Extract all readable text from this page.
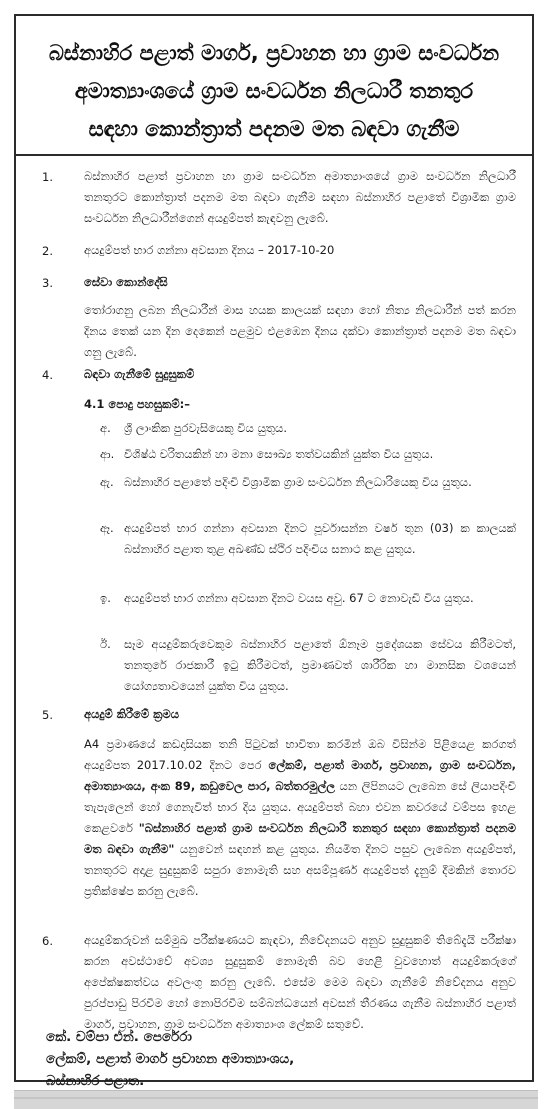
බස්නාහිර පළාත් මාර්ග, ප්‍රවාහන හා ග්‍රාම සංවර්ධන
අමාත්‍යාංශයේ ග්‍රාම සංවර්ධන නිලධාරී තනතුර
සඳහා කොන්ත්‍රාත් පදනම මත බඳවා ගැනීම
1.	බස්නාහිර පළාත් ප්‍රවාහන හා ග්‍රාම සංවර්ධන අමාත්‍යාංශයේ ග්‍රාම සංවර්ධන නිලධාරී තනතුරට කොන්ත්‍රාත් පදනම මත බඳවා ගැනීම සඳහා බස්නාහිර පළාතේ විශ්‍රාමික ග්‍රාම සංවර්ධන නිලධාරීන්ගෙන් අයදුම්පත් කැඳවනු ලැබේ.
2.	අයදුම්පත් භාර ගන්නා අවසාන දිනය – 2017-10-20
3.	සේවා කොන්දේසි
තෝරාගනු ලබන නිලධාරීන් මාස හයක කාලයක් සඳහා හෝ නිත්‍ය නිලධාරීන් පත් කරන දිනය තෙක් යන දින දෙකෙන් පළමුව එළඹෙන දිනය දක්වා කොන්ත්‍රාත් පදනම මත බඳවා ගනු ලැබේ.
4.	බඳවා ගැනීමේ සුදුසුකම්
4.1 පොදු පහසුකම්:–
අ. ශ්‍රී ලාංකික පුරවැසියෙකු විය යුතුය.
ආ. විශිෂ්ඨ චරිතයකින් හා මනා සෞඛ්‍ය තත්වයකින් යුක්ත විය යුතුය.
ඇ. බස්නාහිර පළාතේ පදිංචි විශ්‍රාමික ග්‍රාම සංවර්ධන නිලධාරියෙකු විය යුතුය.
ඈ. අයදුම්පත් භාර ගන්නා අවසාන දිනට පූර්වාසන්න වර්ෂ තුන (03) ක කාලයක් බස්නාහිර පළාත තුළ අඛණ්ඩ ස්ථිර පදිංචිය සනාථ කළ යුතුය.
ඉ. අයදුම්පත් භාර ගන්නා අවසාන දිනට වයස අවු. 67 ට නොවැඩි විය යුතුය.
ඊ. සෑම අයදුම්කරුවෙකුම බස්නාහිර පළාතේ ඕනෑම ප්‍රදේශයක සේවය කිරීමටත්, තනතුරේ රාජකාරී ඉටු කිරීමටත්, ප්‍රමාණවත් ශාරීරික හා මානසික වශයෙන් යෝග්‍යතාවයෙන් යුක්ත විය යුතුය.
5.	අයදුම් කිරීමේ ක්‍රමය
A4 ප්‍රමාණයේ කඩදාසියක තනි පිටුවක් භාවිතා කරමින් ඔබ විසින්ම පිළියෙළ කරගත් අයදුම්පත 2017.10.02 දිනට පෙර ලේකම්, පළාත් මාර්ග, ප්‍රවාහන, ග්‍රාම සංවර්ධන, අමාත්‍යාංශය, අංක 89, කඩුවෙල පාර, බත්තරමුල්ල යන ලිපිනයට ලැබෙන සේ ලියාපදිංචි තැපැලෙන් හෝ ගෙනැවිත් භාර දිය යුතුය. අයදුම්පත් බහා එවන කවරයේ වම්පස ඉහළ කෙළවරේ "බස්නාහිර පළාත් ග්‍රාම සංවර්ධන නිලධාරී තනතුර සඳහා කොන්ත්‍රාත් පදනම මත බඳවා ගැනීම" යනුවෙන් සඳහන් කළ යුතුය. නියමිත දිනට පසුව ලැබෙන අයදුම්පත්, තනතුරට අදාළ සුදුසුකම් සපුරා නොමැති සහ අසම්පූර්ණ අයදුම්පත් දැනුම් දීමකින් තොරව ප්‍රතික්ෂේප කරනු ලැබේ.
6.	අයදුම්කරුවන් සම්මුඛ පරීක්ෂණයට කැඳවා, නිවේදනයට අනුව සුදුසුකම් තිබේදැයි පරීක්ෂා කරන අවස්ථාවේ අවශ්‍ය සුදුසුකම් නොමැති බව හෙළි වුවහොත් අයදුම්කරුගේ අපේක්ෂකත්වය අවලංගු කරනු ලැබේ. එසේම මෙම බඳවා ගැනීමේ නිවේදනය අනුව පුරප්පාඩු පිරවීම හෝ නොපිරවීම සම්බන්ධයෙන් අවසන් තීරණය ගැනීම බස්නාහිර පළාත් මාර්ග, ප්‍රවාහන, ග්‍රාම සංවර්ධන අමාත්‍යාංශ ලේකම් සතුවේ.
කේ. චම්පා එන්. පෙරේරා
ලේකම්, පළාත් මාර්ග ප්‍රවාහන අමාත්‍යාංශය,
බස්නාහිර පළාත.
